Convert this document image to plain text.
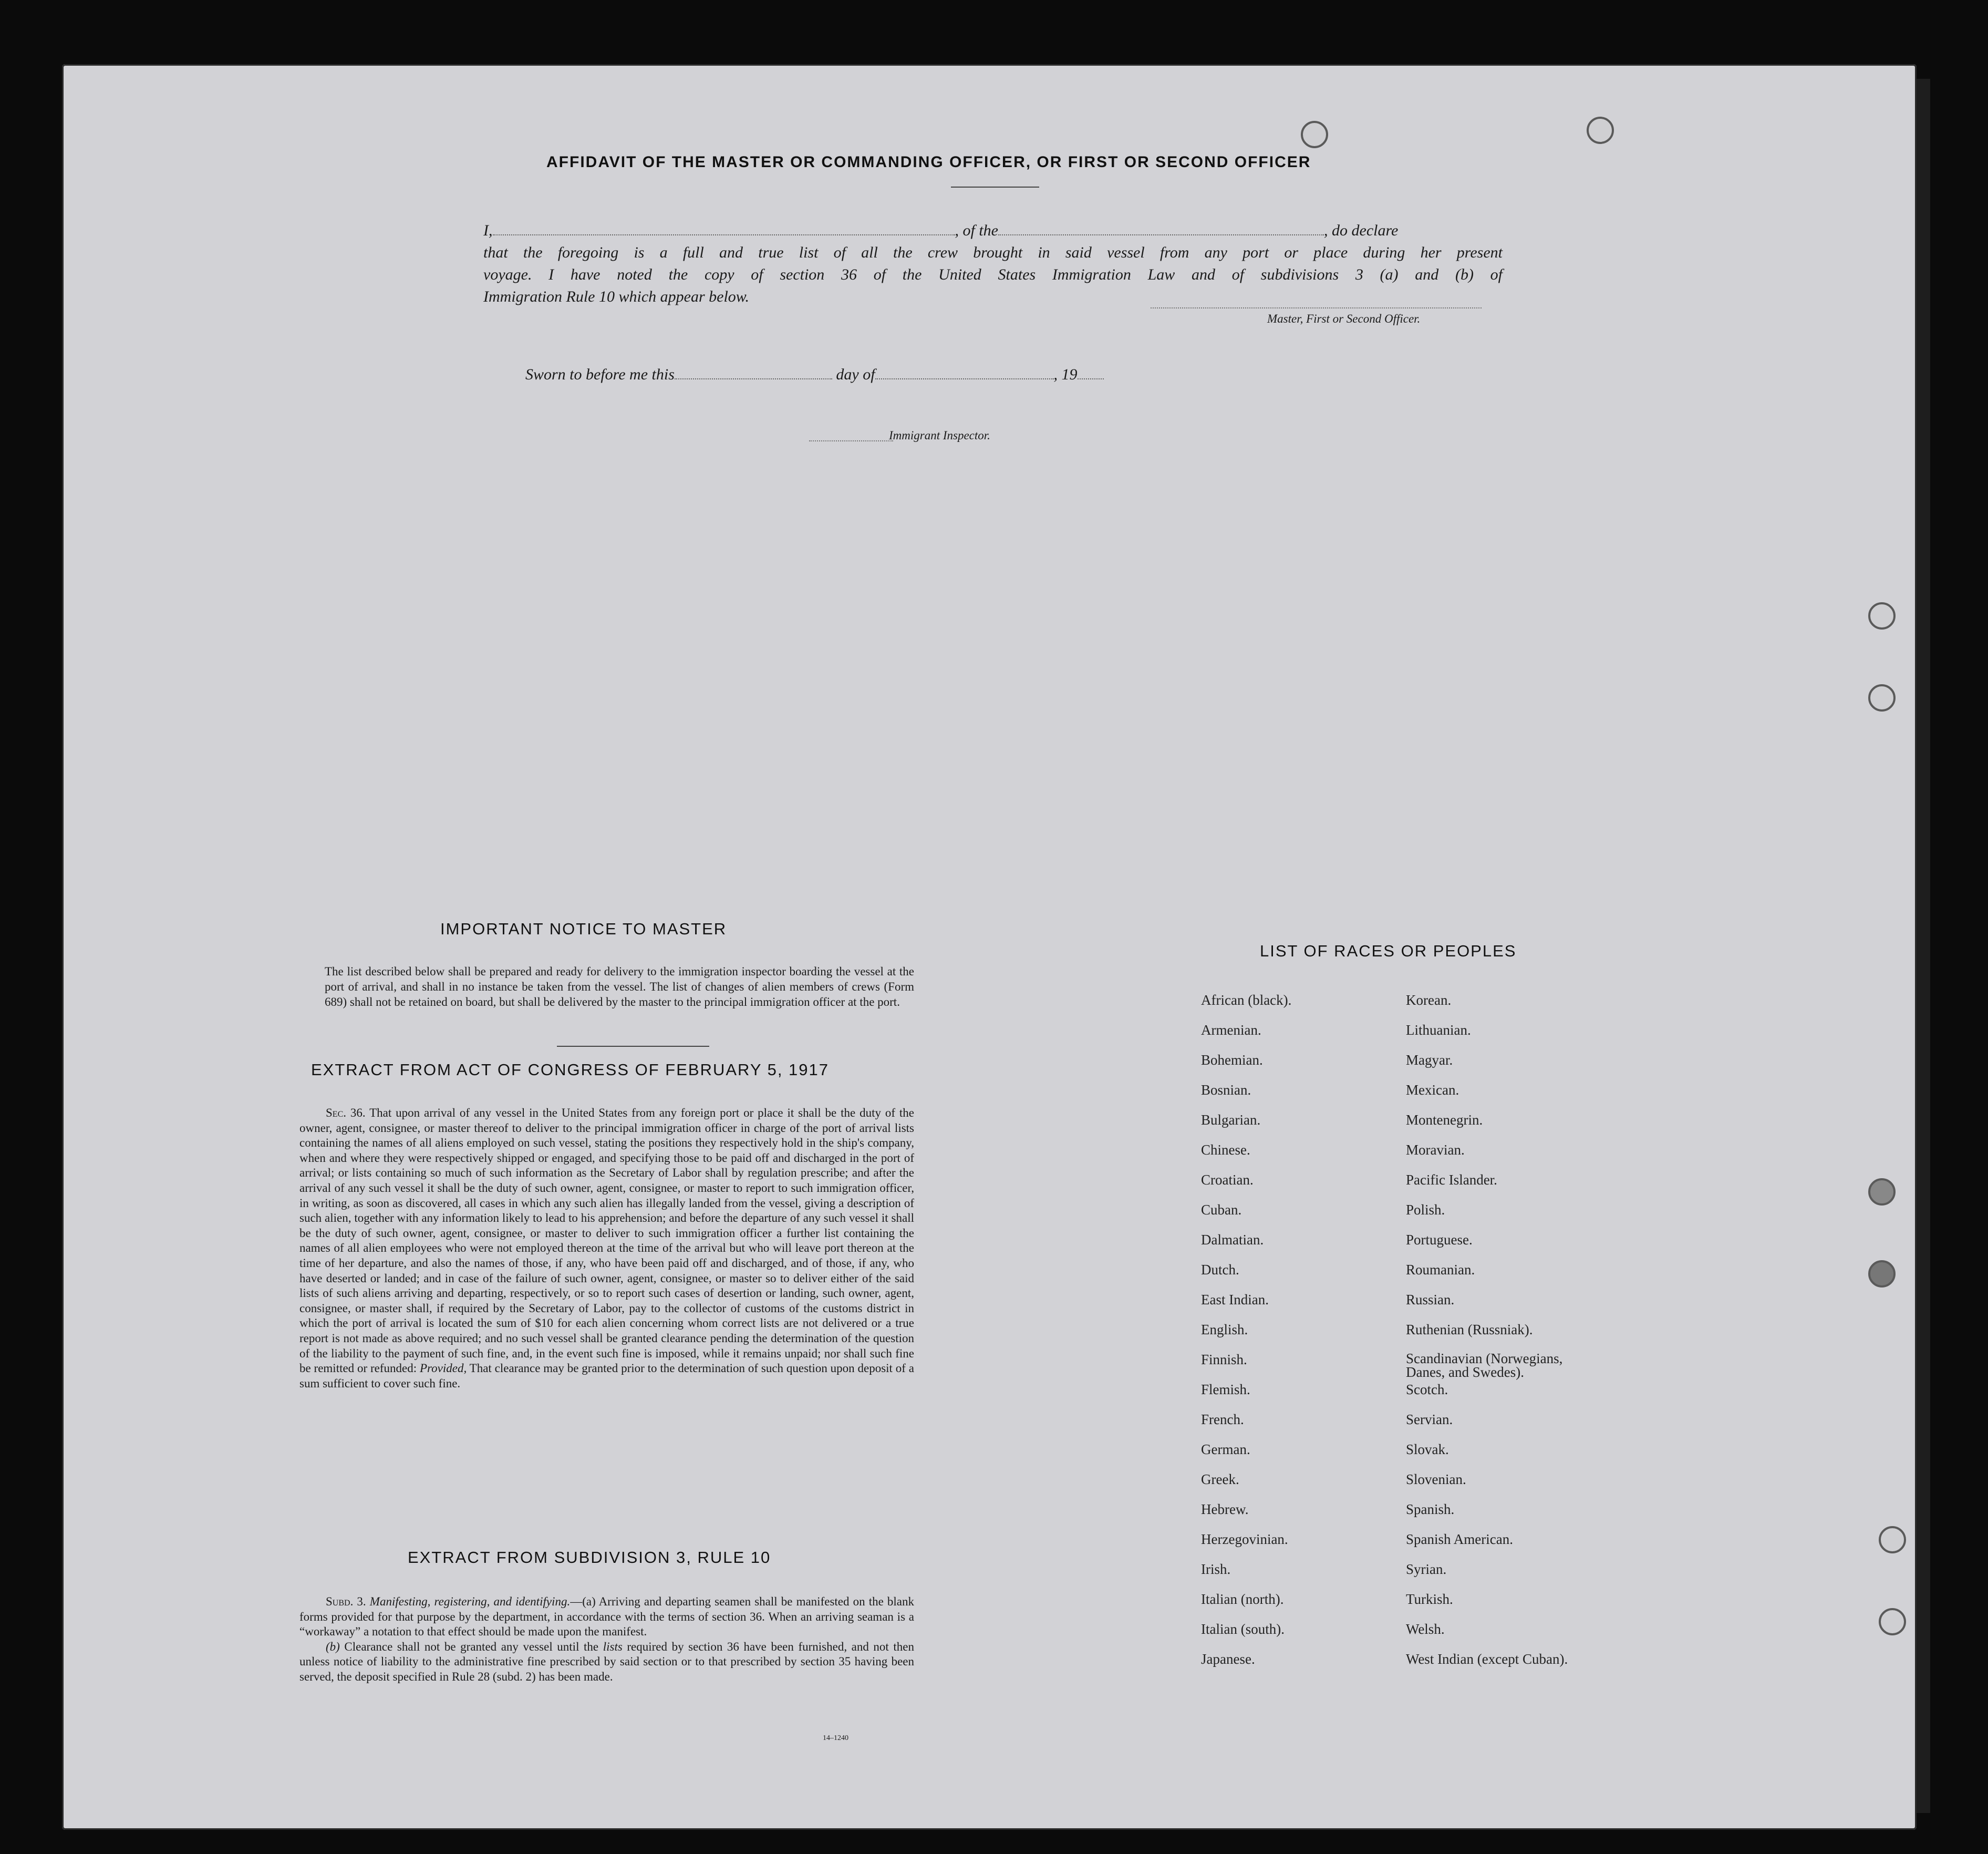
AFFIDAVIT OF THE MASTER OR COMMANDING OFFICER, OR FIRST OR SECOND OFFICER
I,	, of the	, do declare
that the foregoing is a full and true list of all the crew brought in said vessel from any port or place during her present
voyage. I have noted the copy of section 36 of the United States Immigration Law and of subdivisions 3 (a) and (b) of
Immigration Rule 10 which appear below.
Master, First or Second Officer.
Sworn to before me this	day of	, 19
Immigrant Inspector.
IMPORTANT NOTICE TO MASTER
The list described below shall be prepared and ready for delivery to the immigration inspector boarding the vessel at the port of arrival, and shall in no instance be taken from the vessel. The list of changes of alien members of crews (Form 689) shall not be retained on board, but shall be delivered by the master to the principal immigration officer at the port.
EXTRACT FROM ACT OF CONGRESS OF FEBRUARY 5, 1917
Sec. 36. That upon arrival of any vessel in the United States from any foreign port or place it shall be the duty of the owner, agent, consignee, or master thereof to deliver to the principal immigration officer in charge of the port of arrival lists containing the names of all aliens employed on such vessel, stating the positions they respectively hold in the ship's company, when and where they were respectively shipped or engaged, and specifying those to be paid off and discharged in the port of arrival; or lists containing so much of such information as the Secretary of Labor shall by regulation prescribe; and after the arrival of any such vessel it shall be the duty of such owner, agent, consignee, or master to report to such immigration officer, in writing, as soon as discovered, all cases in which any such alien has illegally landed from the vessel, giving a description of such alien, together with any information likely to lead to his apprehension; and before the departure of any such vessel it shall be the duty of such owner, agent, consignee, or master to deliver to such immigration officer a further list containing the names of all alien employees who were not employed thereon at the time of the arrival but who will leave port thereon at the time of her departure, and also the names of those, if any, who have been paid off and discharged, and of those, if any, who have deserted or landed; and in case of the failure of such owner, agent, consignee, or master so to deliver either of the said lists of such aliens arriving and departing, respectively, or so to report such cases of desertion or landing, such owner, agent, consignee, or master shall, if required by the Secretary of Labor, pay to the collector of customs of the customs district in which the port of arrival is located the sum of $10 for each alien concerning whom correct lists are not delivered or a true report is not made as above required; and no such vessel shall be granted clearance pending the determination of the question of the liability to the payment of such fine, and, in the event such fine is imposed, while it remains unpaid; nor shall such fine be remitted or refunded: Provided, That clearance may be granted prior to the determination of such question upon deposit of a sum sufficient to cover such fine.
EXTRACT FROM SUBDIVISION 3, RULE 10
Subd. 3. Manifesting, registering, and identifying.—(a) Arriving and departing seamen shall be manifested on the blank forms provided for that purpose by the department, in accordance with the terms of section 36. When an arriving seaman is a “workaway” a notation to that effect should be made upon the manifest.
(b) Clearance shall not be granted any vessel until the lists required by section 36 have been furnished, and not then unless notice of liability to the administrative fine prescribed by said section or to that prescribed by section 35 having been served, the deposit specified in Rule 28 (subd. 2) has been made.
14–1240
LIST OF RACES OR PEOPLES
African (black).	Korean.
Armenian.	Lithuanian.
Bohemian.	Magyar.
Bosnian.	Mexican.
Bulgarian.	Montenegrin.
Chinese.	Moravian.
Croatian.	Pacific Islander.
Cuban.	Polish.
Dalmatian.	Portuguese.
Dutch.	Roumanian.
East Indian.	Russian.
English.	Ruthenian (Russniak).
Finnish.	Scandinavian (Norwegians, Danes, and Swedes).
Flemish.	Scotch.
French.	Servian.
German.	Slovak.
Greek.	Slovenian.
Hebrew.	Spanish.
Herzegovinian.	Spanish American.
Irish.	Syrian.
Italian (north).	Turkish.
Italian (south).	Welsh.
Japanese.	West Indian (except Cuban).
